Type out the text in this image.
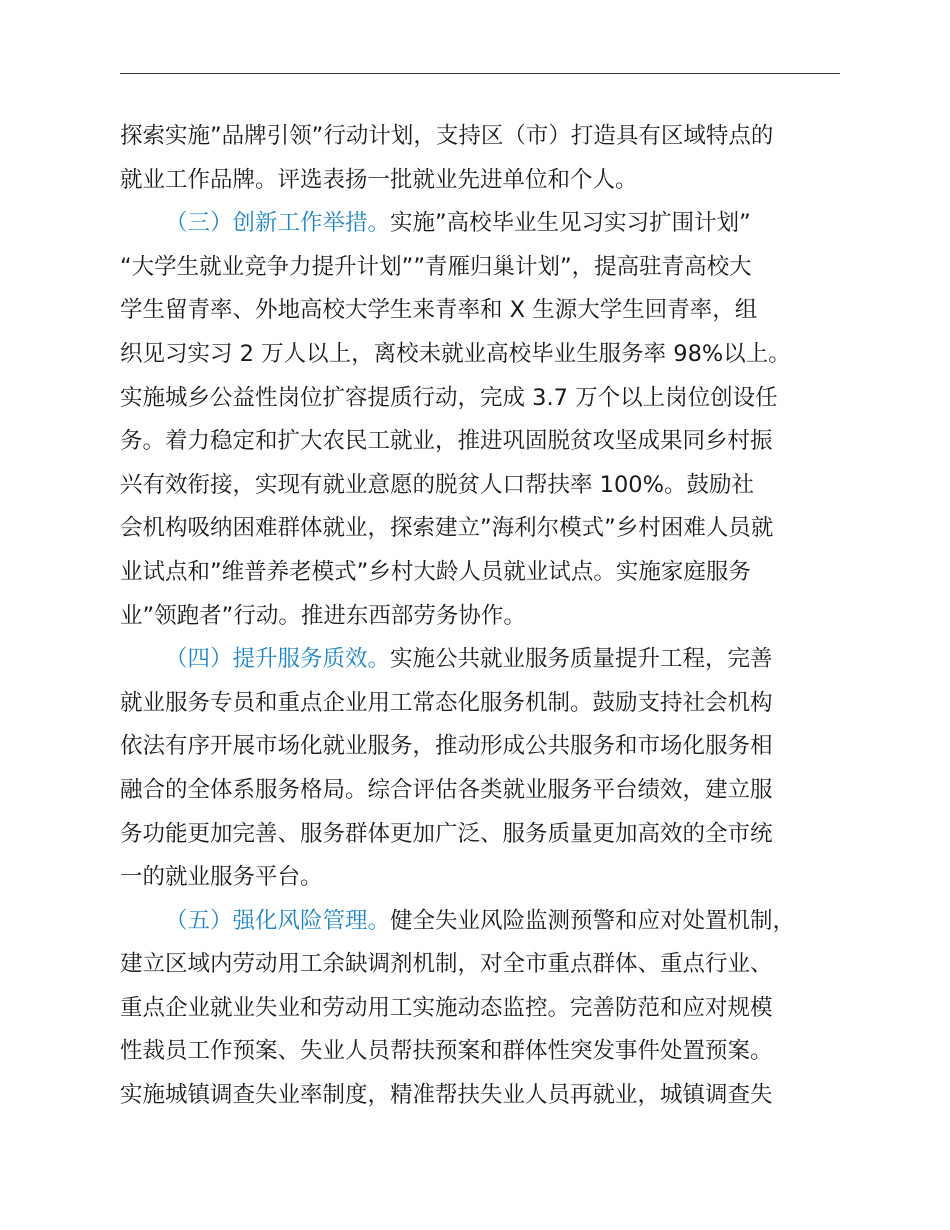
探索实施”品牌引领”行动计划，支持区（市）打造具有区域特点的
就业工作品牌。评选表扬一批就业先进单位和个人。
（三）创新工作举措。实施”高校毕业生见习实习扩围计划”
“大学生就业竞争力提升计划””青雁归巢计划”，提高驻青高校大
学生留青率、外地高校大学生来青率和 X 生源大学生回青率，组
织见习实习 2 万人以上，离校未就业高校毕业生服务率 98%以上。
实施城乡公益性岗位扩容提质行动，完成 3.7 万个以上岗位创设任
务。着力稳定和扩大农民工就业，推进巩固脱贫攻坚成果同乡村振
兴有效衔接，实现有就业意愿的脱贫人口帮扶率 100%。鼓励社
会机构吸纳困难群体就业，探索建立”海利尔模式”乡村困难人员就
业试点和”维普养老模式”乡村大龄人员就业试点。实施家庭服务
业”领跑者”行动。推进东西部劳务协作。
（四）提升服务质效。实施公共就业服务质量提升工程，完善
就业服务专员和重点企业用工常态化服务机制。鼓励支持社会机构
依法有序开展市场化就业服务，推动形成公共服务和市场化服务相
融合的全体系服务格局。综合评估各类就业服务平台绩效，建立服
务功能更加完善、服务群体更加广泛、服务质量更加高效的全市统
一的就业服务平台。
（五）强化风险管理。健全失业风险监测预警和应对处置机制，
建立区域内劳动用工余缺调剂机制，对全市重点群体、重点行业、
重点企业就业失业和劳动用工实施动态监控。完善防范和应对规模
性裁员工作预案、失业人员帮扶预案和群体性突发事件处置预案。
实施城镇调查失业率制度，精准帮扶失业人员再就业，城镇调查失
